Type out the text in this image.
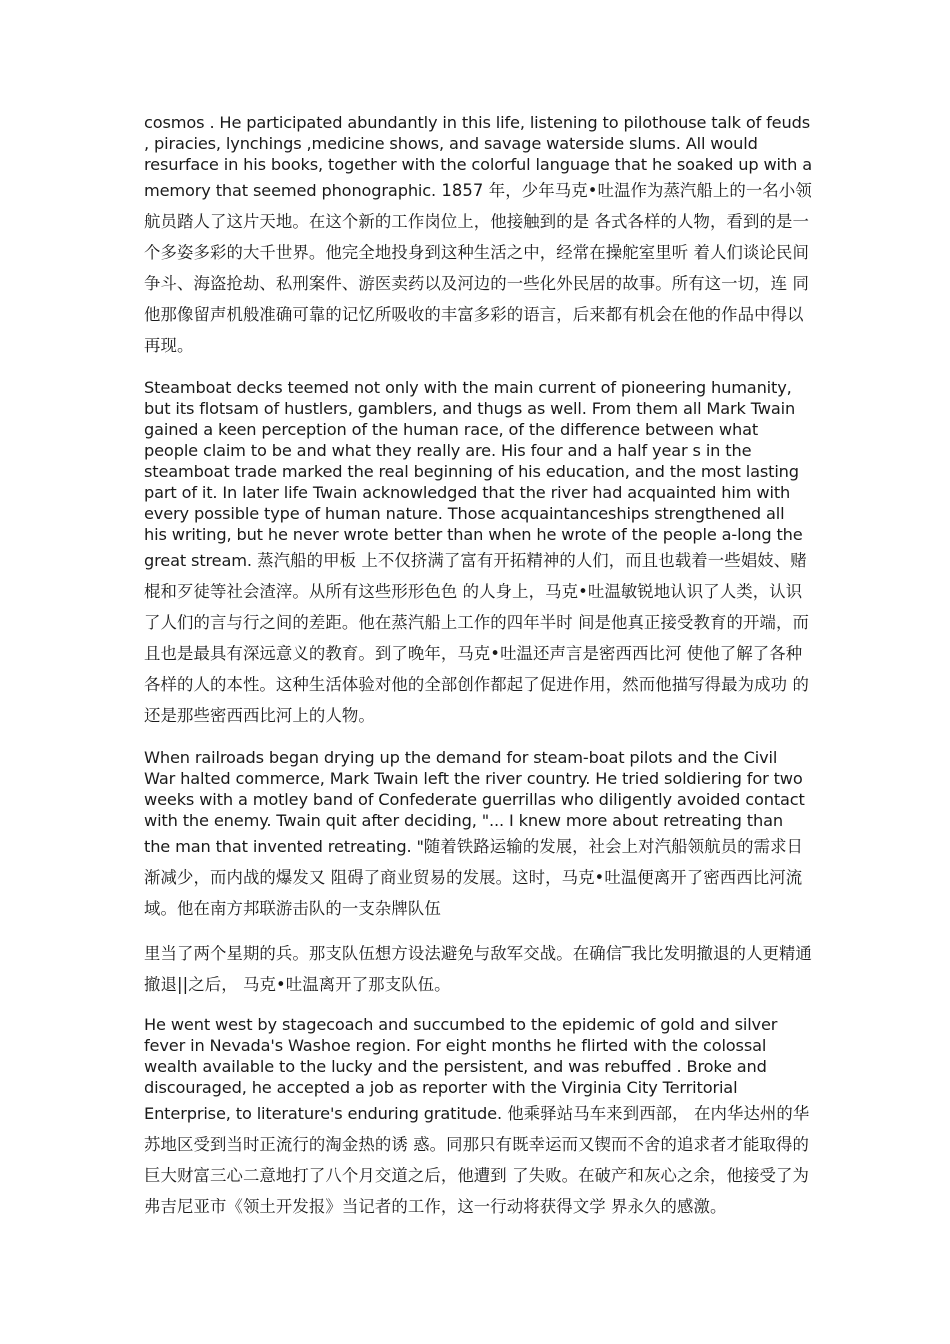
cosmos . He participated abundantly in this life, listening to pilothouse talk of feuds , piracies, lynchings ,medicine shows, and savage waterside slums. All would resurface in his books, together with the colorful language that he soaked up with a memory that seemed phonographic. 1857 年，少年马克•吐温作为蒸汽船上的一名小领航员踏人了这片天地。在这个新的工作岗位上，他接触到的是 各式各样的人物，看到的是一个多姿多彩的大千世界。他完全地投身到这种生活之中，经常在操舵室里听 着人们谈论民间争斗、海盗抢劫、私刑案件、游医卖药以及河边的一些化外民居的故事。所有这一切，连 同他那像留声机般准确可靠的记忆所吸收的丰富多彩的语言，后来都有机会在他的作品中得以再现。
Steamboat decks teemed not only with the main current of pioneering humanity, but its flotsam of hustlers, gamblers, and thugs as well. From them all Mark Twain gained a keen perception of the human race, of the difference between what people claim to be and what they really are. His four and a half year s in the steamboat trade marked the real beginning of his education, and the most lasting part of it. In later life Twain acknowledged that the river had acquainted him with every possible type of human nature. Those acquaintanceships strengthened all his writing, but he never wrote better than when he wrote of the people a-long the great stream. 蒸汽船的甲板 上不仅挤满了富有开拓精神的人们，而且也载着一些娼妓、赌棍和歹徒等社会渣滓。从所有这些形形色色 的人身上，马克•吐温敏锐地认识了人类，认识了人们的言与行之间的差距。他在蒸汽船上工作的四年半时 间是他真正接受教育的开端，而且也是最具有深远意义的教育。到了晚年，马克•吐温还声言是密西西比河 使他了解了各种各样的人的本性。这种生活体验对他的全部创作都起了促进作用，然而他描写得最为成功 的还是那些密西西比河上的人物。
When railroads began drying up the demand for steam-boat pilots and the Civil War halted commerce, Mark Twain left the river country. He tried soldiering for two weeks with a motley band of Confederate guerrillas who diligently avoided contact with the enemy. Twain quit after deciding, "... I knew more about retreating than the man that invented retreating. "随着铁路运输的发展，社会上对汽船领航员的需求日渐减少，而内战的爆发又 阻碍了商业贸易的发展。这时，马克•吐温便离开了密西西比河流域。他在南方邦联游击队的一支杂牌队伍
里当了两个星期的兵。那支队伍想方设法避免与敌军交战。在确信‾我比发明撤退的人更精通撤退||之后， 马克•吐温离开了那支队伍。
He went west by stagecoach and succumbed to the epidemic of gold and silver fever in Nevada's Washoe region. For eight months he flirted with the colossal wealth available to the lucky and the persistent, and was rebuffed . Broke and discouraged, he accepted a job as reporter with the Virginia City Territorial Enterprise, to literature's enduring gratitude. 他乘驿站马车来到西部， 在内华达州的华苏地区受到当时正流行的淘金热的诱 惑。同那只有既幸运而又锲而不舍的追求者才能取得的巨大财富三心二意地打了八个月交道之后，他遭到 了失败。在破产和灰心之余，他接受了为弗吉尼亚市《领土开发报》当记者的工作，这一行动将获得文学 界永久的感激。
